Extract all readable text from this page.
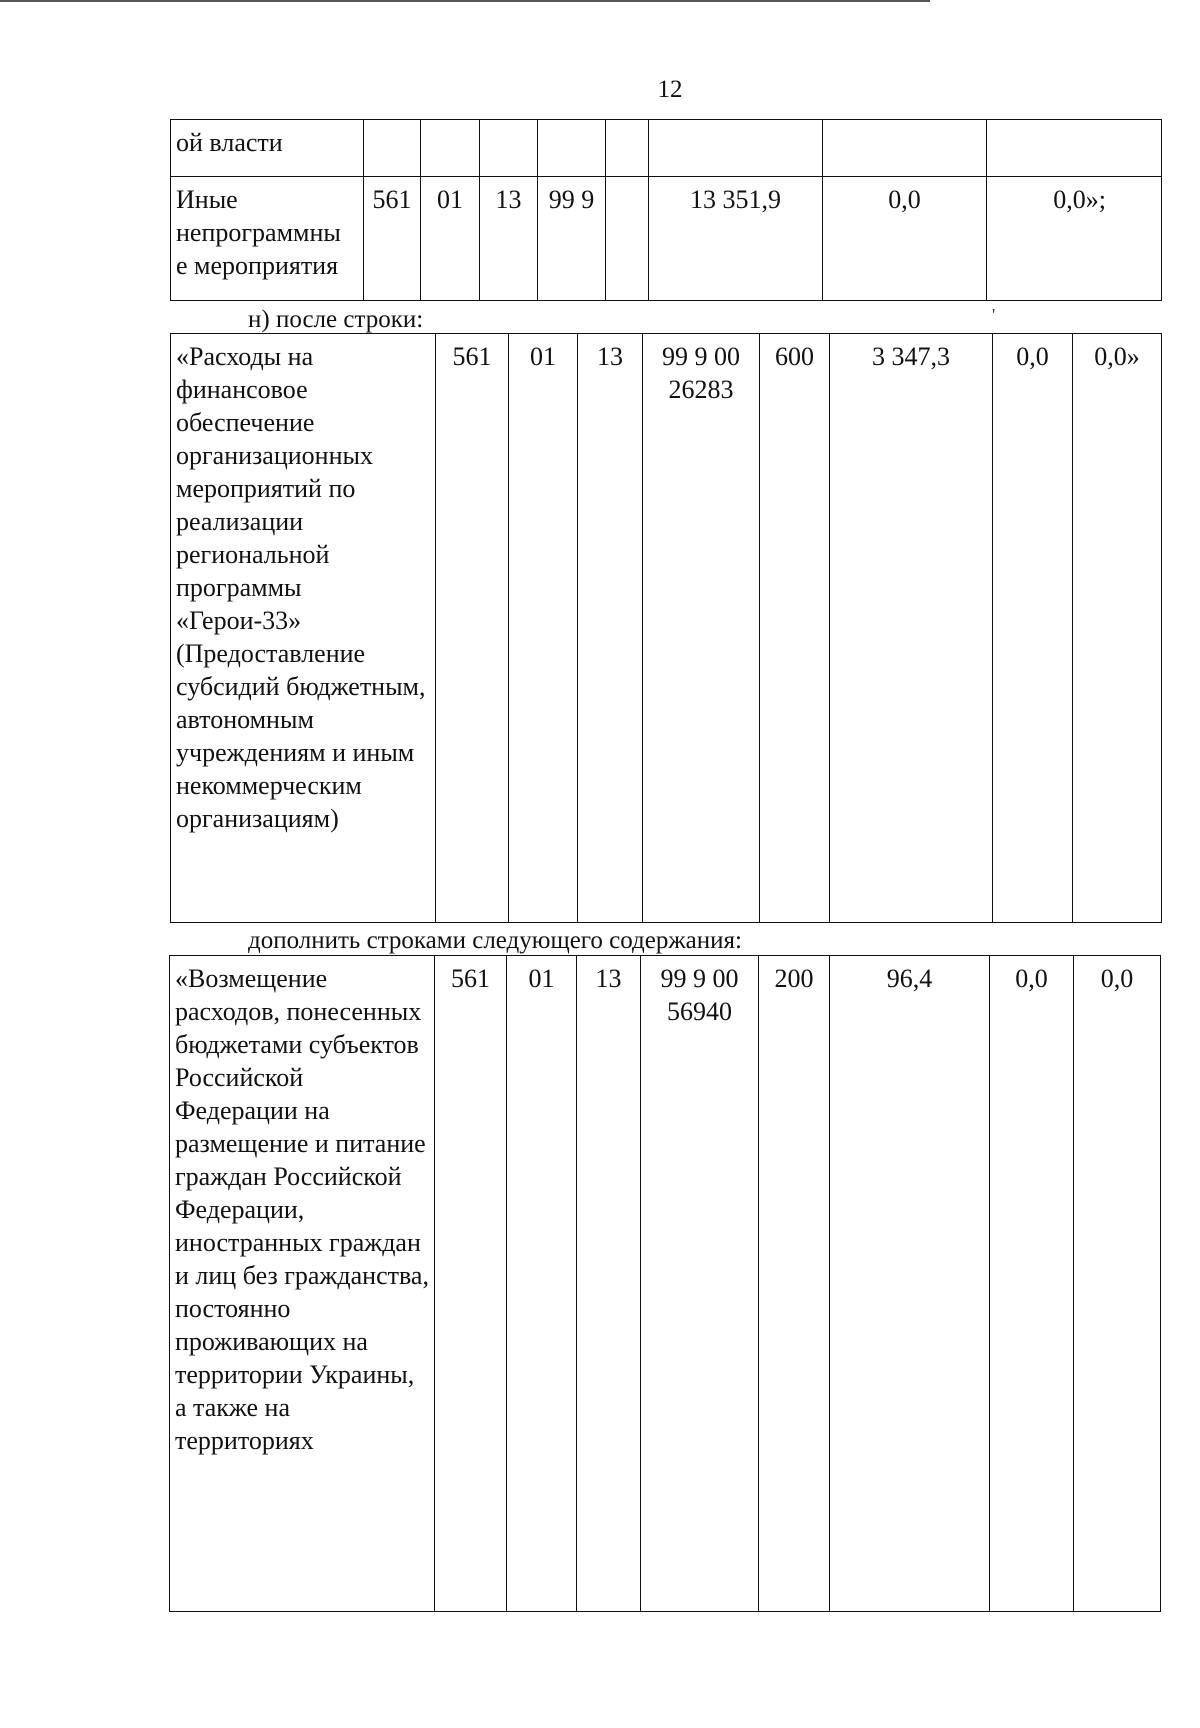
12
ой власти								
Иные непрограммны е мероприятия	561	01	13	99 9		13 351,9	0,0	0,0»;
н) после строки:	'
«Расходы на финансовое обеспечение организационных мероприятий по реализации региональной программы «Герои-33» (Предоставление субсидий бюджетным, автономным учреждениям и иным некоммерческим организациям)	561	01	13	99 9 00 26283	600	3 347,3	0,0	0,0»
дополнить строками следующего содержания:
«Возмещение расходов, понесенных бюджетами субъектов Российской Федерации на размещение и питание граждан Российской Федерации, иностранных граждан и лиц без гражданства, постоянно проживающих на территории Украины, а также на территориях	561	01	13	99 9 00 56940	200	96,4	0,0	0,0
